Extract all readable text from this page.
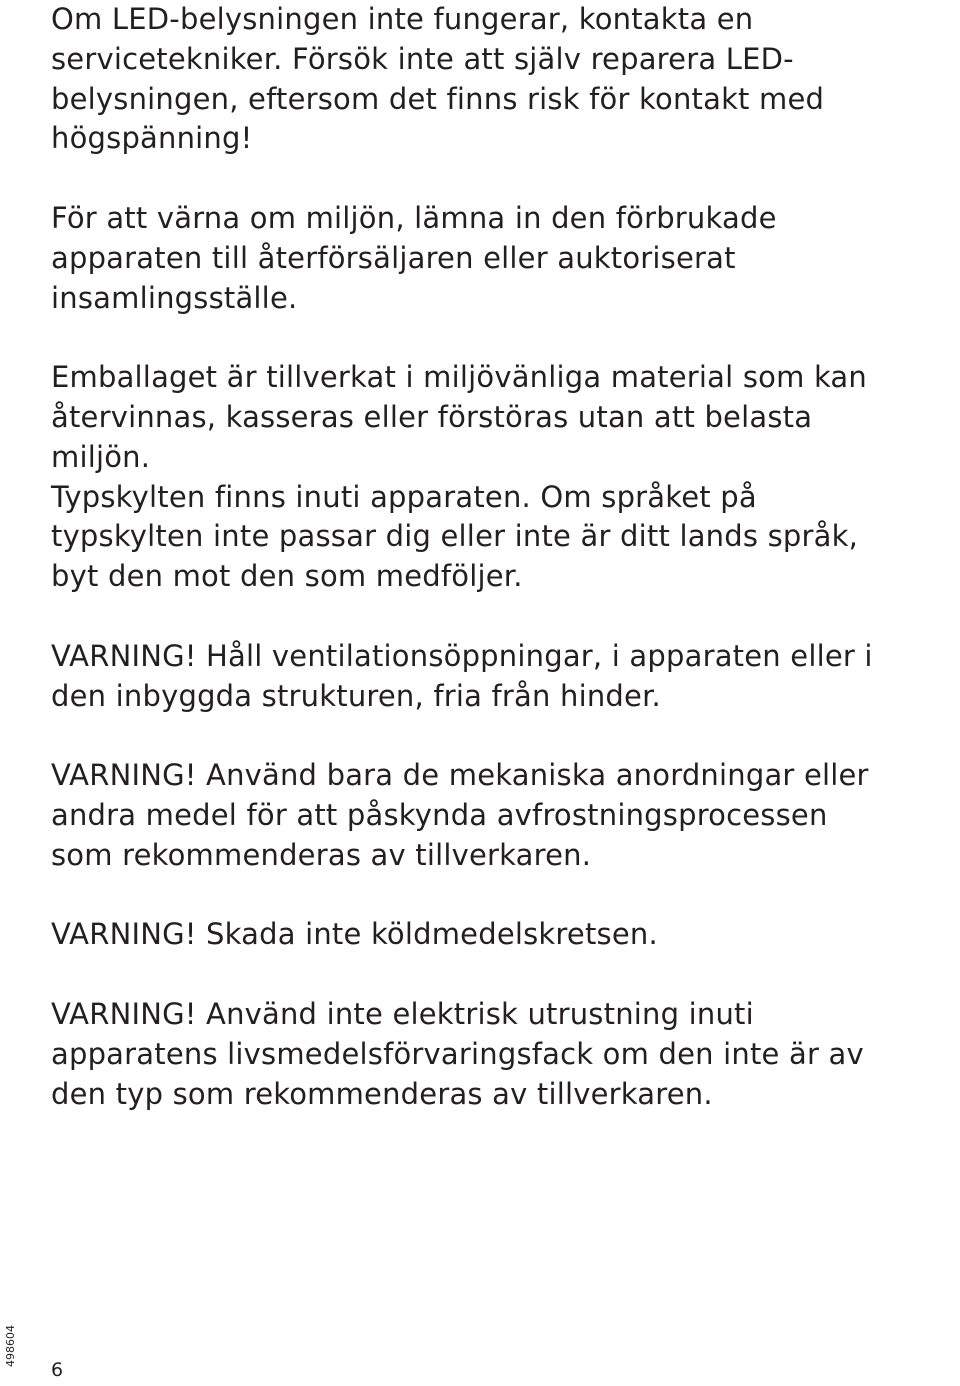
Om LED-belysningen inte fungerar, kontakta en
servicetekniker. Försök inte att själv reparera LED-
belysningen, eftersom det finns risk för kontakt med
högspänning!
För att värna om miljön, lämna in den förbrukade
apparaten till återförsäljaren eller auktoriserat
insamlingsställe.
Emballaget är tillverkat i miljövänliga material som kan
återvinnas, kasseras eller förstöras utan att belasta
miljön.
Typskylten finns inuti apparaten. Om språket på
typskylten inte passar dig eller inte är ditt lands språk,
byt den mot den som medföljer.
VARNING! Håll ventilationsöppningar, i apparaten eller i
den inbyggda strukturen, fria från hinder.
VARNING! Använd bara de mekaniska anordningar eller
andra medel för att påskynda avfrostningsprocessen
som rekommenderas av tillverkaren.
VARNING! Skada inte köldmedelskretsen.
VARNING! Använd inte elektrisk utrustning inuti
apparatens livsmedelsförvaringsfack om den inte är av
den typ som rekommenderas av tillverkaren.
498604
6
